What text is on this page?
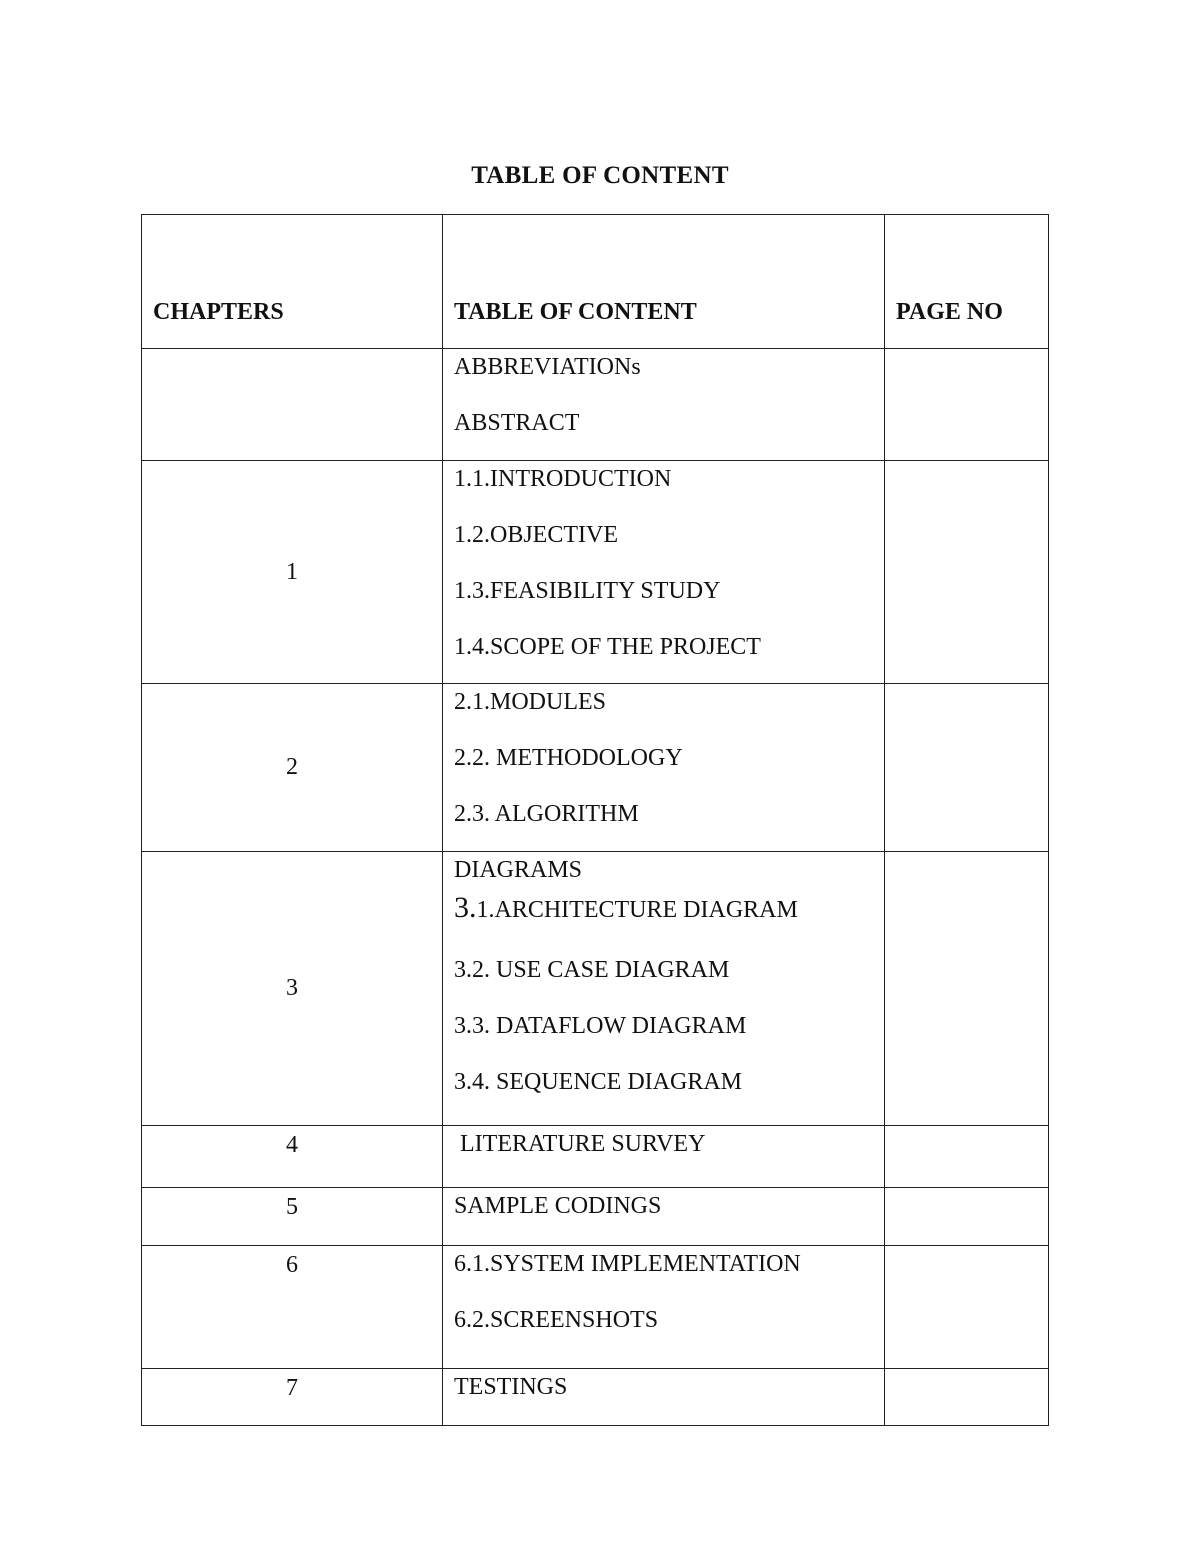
TABLE OF CONTENT
CHAPTERS	TABLE OF CONTENT	PAGE NO

	ABBREVIATIONs
ABSTRACT	

1	1.1.INTRODUCTION
1.2.OBJECTIVE
1.3.FEASIBILITY STUDY
1.4.SCOPE OF THE PROJECT	

2	2.1.MODULES
2.2. METHODOLOGY
2.3. ALGORITHM	

3	DIAGRAMS
3.1.ARCHITECTURE DIAGRAM
3.2. USE CASE DIAGRAM
3.3. DATAFLOW DIAGRAM
3.4. SEQUENCE DIAGRAM	

4	LITERATURE SURVEY	

5	SAMPLE CODINGS	

6	6.1.SYSTEM IMPLEMENTATION
6.2.SCREENSHOTS	

7	TESTINGS	
